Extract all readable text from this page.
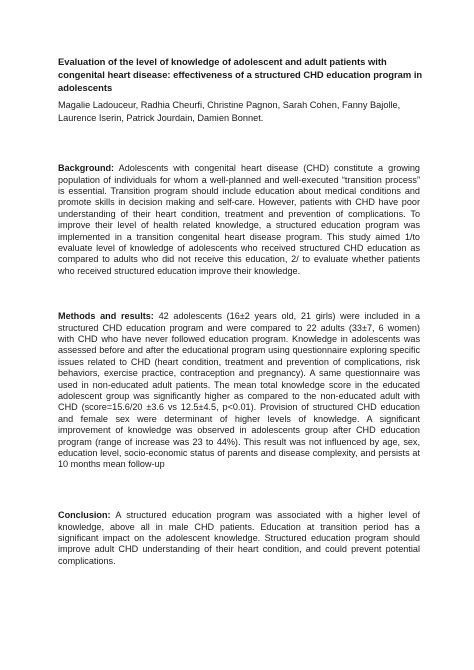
Evaluation of the level of knowledge of adolescent and adult patients with congenital heart disease: effectiveness of a structured CHD education program in adolescents
Magalie Ladouceur, Radhia Cheurfi, Christine Pagnon, Sarah Cohen, Fanny Bajolle, Laurence Iserin, Patrick Jourdain, Damien Bonnet.

Background: Adolescents with congenital heart disease (CHD) constitute a growing population of individuals for whom a well-planned and well-executed “transition process” is essential. Transition program should include education about medical conditions and promote skills in decision making and self-care. However, patients with CHD have poor understanding of their heart condition, treatment and prevention of complications. To improve their level of health related knowledge, a structured education program was implemented in a transition congenital heart disease program. This study aimed 1/to evaluate level of knowledge of adolescents who received structured CHD education as compared to adults who did not receive this education, 2/ to evaluate whether patients who received structured education improve their knowledge.

Methods and results: 42 adolescents (16±2 years old, 21 girls) were included in a structured CHD education program and were compared to 22 adults (33±7, 6 women) with CHD who have never followed education program. Knowledge in adolescents was assessed before and after the educational program using questionnaire exploring specific issues related to CHD (heart condition, treatment and prevention of complications, risk behaviors, exercise practice, contraception and pregnancy). A same questionnaire was used in non-educated adult patients. The mean total knowledge score in the educated adolescent group was significantly higher as compared to the non-educated adult with CHD (score=15.6/20 ±3.6 vs 12.5±4.5, p<0.01). Provision of structured CHD education and female sex were determinant of higher levels of knowledge. A significant improvement of knowledge was observed in adolescents group after CHD education program (range of increase was 23 to 44%). This result was not influenced by age, sex, education level, socio-economic status of parents and disease complexity, and persists at 10 months mean follow-up

Conclusion: A structured education program was associated with a higher level of knowledge, above all in male CHD patients. Education at transition period has a significant impact on the adolescent knowledge. Structured education program should improve adult CHD understanding of their heart condition, and could prevent potential complications.
